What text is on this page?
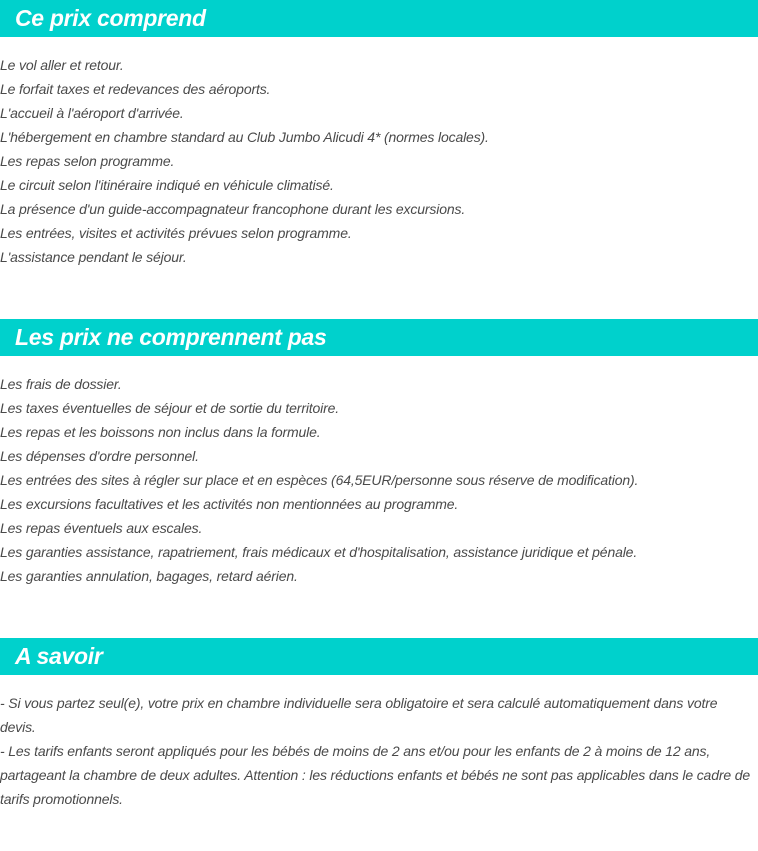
Ce prix comprend
Le vol aller et retour.
Le forfait taxes et redevances des aéroports.
L'accueil à l'aéroport d'arrivée.
L'hébergement en chambre standard au Club Jumbo Alicudi 4* (normes locales).
Les repas selon programme.
Le circuit selon l'itinéraire indiqué en véhicule climatisé.
La présence d'un guide-accompagnateur francophone durant les excursions.
Les entrées, visites et activités prévues selon programme.
L'assistance pendant le séjour.
Les prix ne comprennent pas
Les frais de dossier.
Les taxes éventuelles de séjour et de sortie du territoire.
Les repas et les boissons non inclus dans la formule.
Les dépenses d'ordre personnel.
Les entrées des sites à régler sur place et en espèces (64,5EUR/personne sous réserve de modification).
Les excursions facultatives et les activités non mentionnées au programme.
Les repas éventuels aux escales.
Les garanties assistance, rapatriement, frais médicaux et d'hospitalisation, assistance juridique et pénale.
Les garanties annulation, bagages, retard aérien.
A savoir

- Si vous partez seul(e), votre prix en chambre individuelle sera obligatoire et sera calculé automatiquement dans votre devis.

- Les tarifs enfants seront appliqués pour les bébés de moins de 2 ans et/ou pour les enfants de 2 à moins de 12 ans, partageant la chambre de deux adultes. Attention : les réductions enfants et bébés ne sont pas applicables dans le cadre de tarifs promotionnels.
